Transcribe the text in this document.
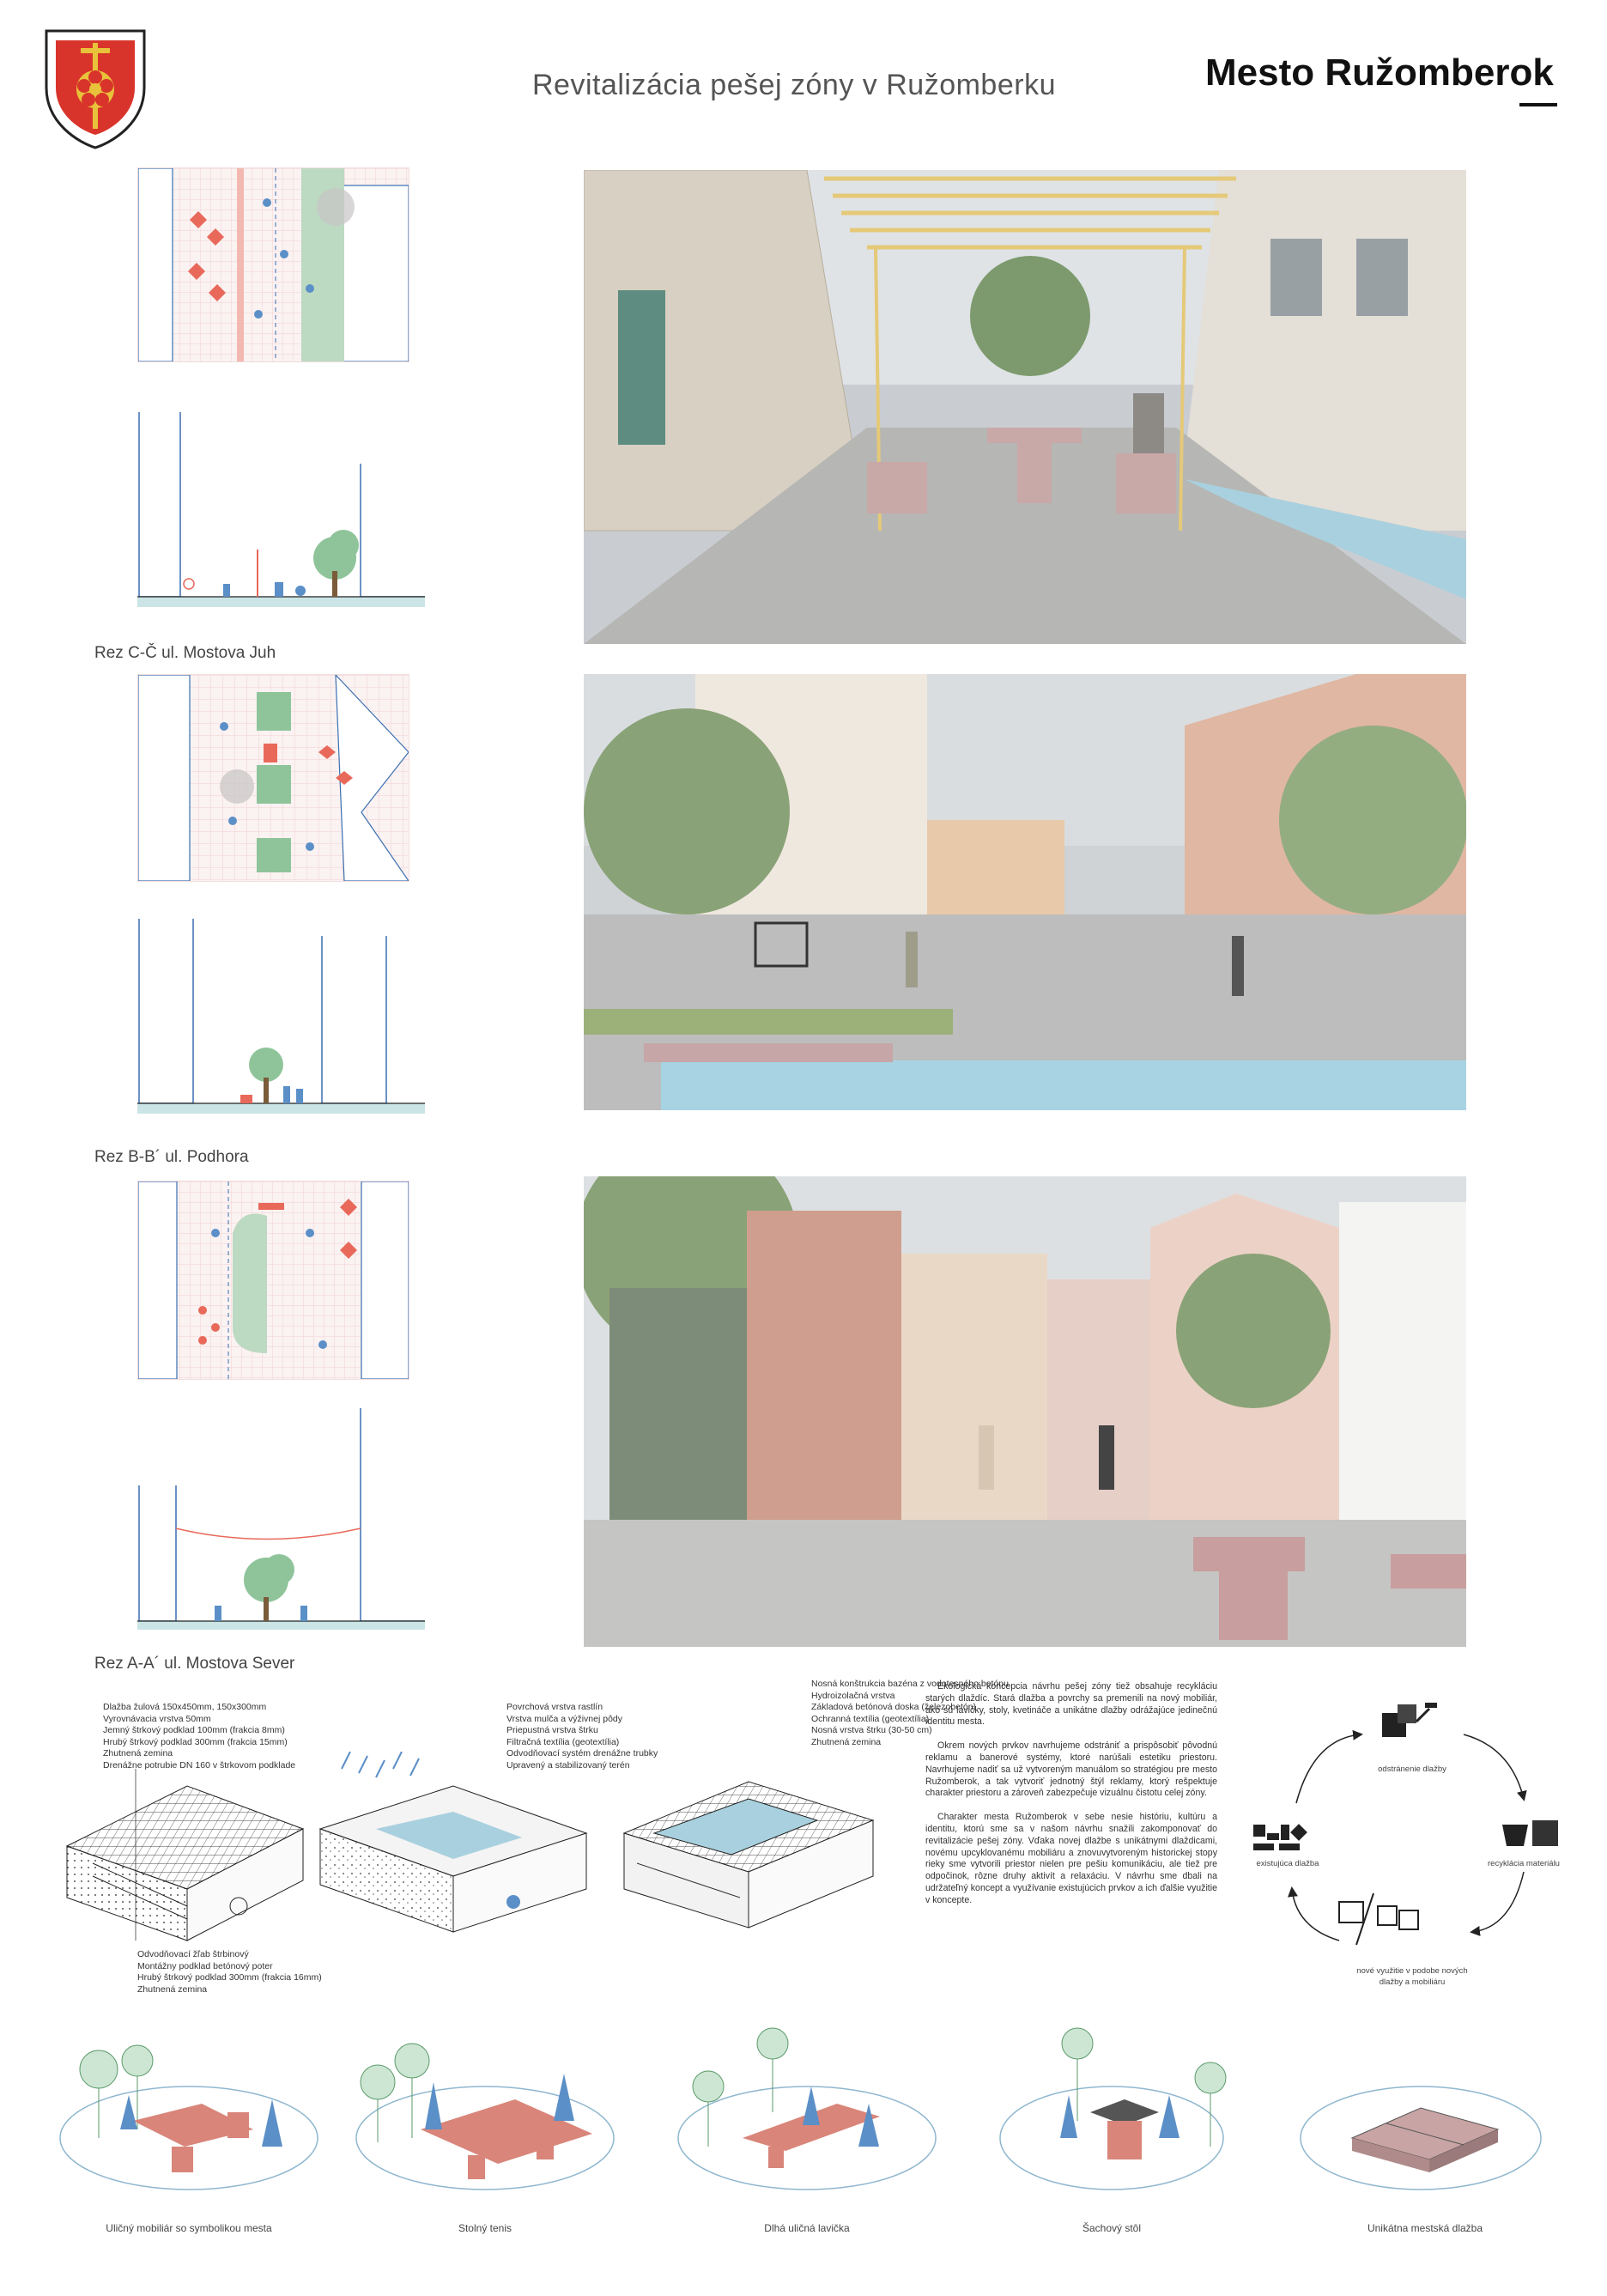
Revitalizácia pešej zóny v Ružomberku	Mesto Ružomberok
Rez C-Č ul. Mostova Juh
Rez B-B´ ul. Podhora
Rez A-A´ ul. Mostova Sever
Dlažba žulová 150x450mm, 150x300mm
Vyrovnávacia vrstva 50mm
Jemný štrkový podklad 100mm (frakcia 8mm)
Hrubý štrkový podklad 300mm (frakcia 15mm)
Zhutnená zemina
Drenážne potrubie DN 160 v štrkovom podklade
Odvodňovací žľab štrbinový
Montážny podklad betónový poter
Hrubý štrkový podklad 300mm (frakcia 16mm)
Zhutnená zemina
Povrchová vrstva rastlín
Vrstva mulča a výživnej pôdy
Priepustná vrstva štrku
Filtračná textília (geotextília)
Odvodňovací systém drenážne trubky
Upravený a stabilizovaný terén
Nosná konštrukcia bazéna z vodotesného betónu
Hydroizolačná vrstva
Základová betónová doska (železobetón)
Ochranná textília (geotextília)
Nosná vrstva štrku (30-50 cm)
Zhutnená zemina

Ekologická koncepcia návrhu pešej zóny tiež obsahuje recykláciu starých dlaždíc. Stará dlažba a povrchy sa premenili na nový mobiliár, ako sú lavičky, stoly, kvetináče a unikátne dlažby odrážajúce jedinečnú identitu mesta.

Okrem nových prvkov navrhujeme odstrániť a prispôsobiť pôvodnú reklamu a banerové systémy, ktoré narúšali estetiku priestoru. Navrhujeme nadiť sa už vytvoreným manuálom so stratégiou pre mesto Ružomberok, a tak vytvoriť jednotný štýl reklamy, ktorý rešpektuje charakter priestoru a zároveň zabezpečuje vizuálnu čistotu celej zóny.

Charakter mesta Ružomberok v sebe nesie históriu, kultúru a identitu, ktorú sme sa v našom návrhu snažili zakomponovať do revitalizácie pešej zóny. Vďaka novej dlažbe s unikátnymi dlaždicami, novému upcyklovanému mobiliáru a znovuvytvoreným historickej stopy riekу sme vytvorili priestor nielen pre pešiu komunikáciu, ale tiež pre odpočinok, rôzne druhy aktivít a relaxáciu. V návrhu sme dbali na udržateľný koncept a využívanie existujúcich prvkov a ich ďalšie využitie v koncepte.

odstránenie dlažby
existujúca dlažba	recyklácia materiálu
nové využitie v podobe nových
dlažby a mobiliáru
Uličný mobiliár so symbolikou mesta	Stolný tenis	Dlhá uličná lavička	Šachový stôl	Unikátna mestská dlažba
